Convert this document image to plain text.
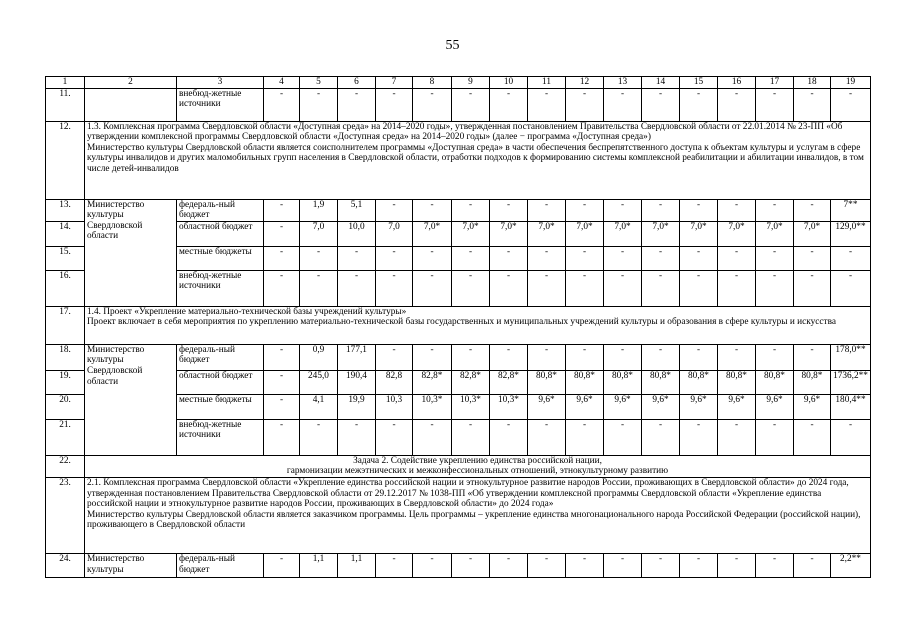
55
1	2	3	4	5	6	7	8	9	10	11	12	13	14	15	16	17	18	19
11.		внебюд-жетные источники	-	-	-	-	-	-	-	-	-	-	-	-	-	-	-	-
12.	1.3. Комплексная программа Свердловской области «Доступная среда» на 2014–2020 годы», утвержденная постановлением Правительства Свердловской области от 22.01.2014 № 23-ПП «Об утверждении комплексной программы Свердловской области «Доступная среда» на 2014–2020 годы» (далее − программа «Доступная среда»)
Министерство культуры Свердловской области является соисполнителем программы «Доступная среда» в части обеспечения беспрепятственного доступа к объектам культуры и услугам в сфере культуры инвалидов и других маломобильных групп населения в Свердловской области, отработки подходов к формированию системы комплексной реабилитации и абилитации инвалидов, в том числе детей-инвалидов																	

13.	Министерство культуры Свердловской области	федераль-ный бюджет	-	1,9	5,1	-	-	-	-	-	-	-	-	-	-	-	-	7**
14.		областной бюджет	-	7,0	10,0	7,0	7,0*	7,0*	7,0*	7,0*	7,0*	7,0*	7,0*	7,0*	7,0*	7,0*	7,0*	129,0**
15.		местные бюджеты	-	-	-	-	-	-	-	-	-	-	-	-	-	-	-	-
16.		внебюд-жетные источники	-	-	-	-	-	-	-	-	-	-	-	-	-	-	-	-
17.	1.4. Проект «Укрепление материально-технической базы учреждений культуры»
Проект включает в себя мероприятия по укреплению материально-технической базы государственных и муниципальных учреждений культуры и образования в сфере культуры и искусства																	

18.	Министерство культуры Свердловской области	федераль-ный бюджет	-	0,9	177,1	-	-	-	-	-	-	-	-	-	-	-	-	178,0**
19.		областной бюджет	-	245,0	190,4	82,8	82,8*	82,8*	82,8*	80,8*	80,8*	80,8*	80,8*	80,8*	80,8*	80,8*	80,8*	1736,2**
20.		местные бюджеты	-	4,1	19,9	10,3	10,3*	10,3*	10,3*	9,6*	9,6*	9,6*	9,6*	9,6*	9,6*	9,6*	9,6*	180,4**
21.		внебюд-жетные источники	-	-	-	-	-	-	-	-	-	-	-	-	-	-	-	-
22.	Задача 2. Содействие укреплению единства российской нации,
гармонизации межэтнических и межконфессиональных отношений, этнокультурному развитию																	

23.	2.1. Комплексная программа Свердловской области «Укрепление единства российской нации и этнокультурное развитие народов России, проживающих в Свердловской области» до 2024 года, утвержденная постановлением Правительства Свердловской области от 29.12.2017 № 1038-ПП «Об утверждении комплексной программы Свердловской области «Укрепление единства российской нации и этнокультурное развитие народов России, проживающих в Свердловской области» до 2024 года»
Министерство культуры Свердловской области является заказчиком программы. Цель программы – укрепление единства многонационального народа Российской Федерации (российской нации), проживающего в Свердловской области																	

24.	Министерство культуры	федераль-ный бюджет	-	1,1	1,1	-	-	-	-	-	-	-	-	-	-	-	-	2,2**
